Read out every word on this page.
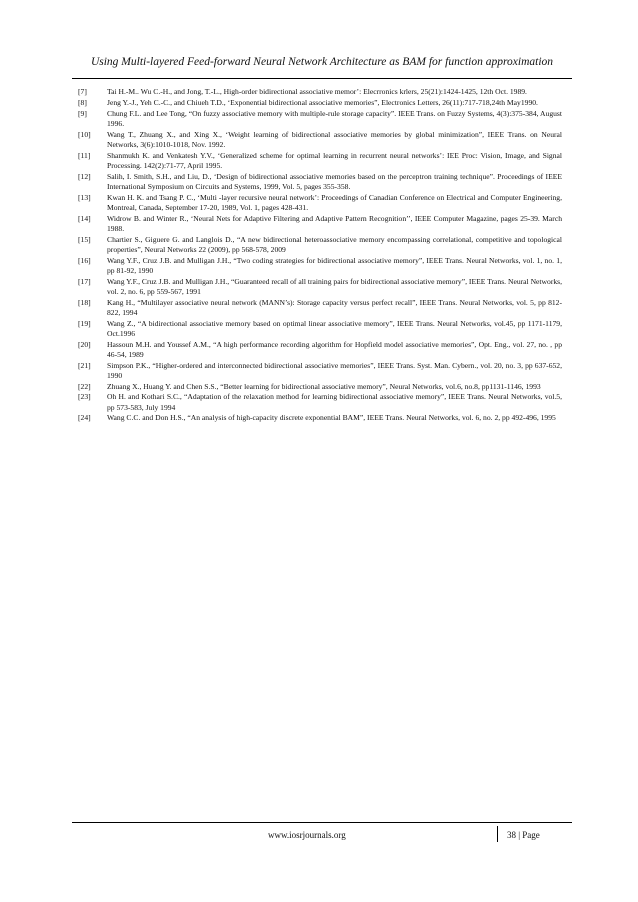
Using Multi-layered Feed-forward Neural Network Architecture as BAM for function approximation
[7]	Tai H.-M.. Wu C.-H., and Jong, T.-L., High-order bidirectional associative memor’: Elecrronics krlers, 25(21):1424-1425, 12th Oct. 1989.
[8]	Jeng Y.-J., Yeh C.-C., and Chiueh T.D., ‘Exponential bidirectional associative memories”, Electronics Letters, 26(11):717-718,24th May1990.
[9]	Chung F.L. and Lee Tong, “On fuzzy associative memory with multiple-rule storage capacity”. IEEE Trans. on Fuzzy Systems, 4(3):375-384, August 1996.
[10]	Wang T., Zhuang X., and Xing X., ‘Weight learning of bidirectional associative memories by global minimization”, IEEE Trans. on Neural Networks, 3(6):1010-1018, Nov. 1992.
[11]	Shanmukh K. and Venkatesh Y.V., ‘Generalized scheme for optimal learning in recurrent neural networks’: IEE Proc: Vision, Image, and Signal Processing. 142(2):71-77, April 1995.
[12]	Salih, I. Smith, S.H., and Liu, D., ‘Design of bidirectional associative memories based on the perceptron training technique”. Proceedings of IEEE International Symposium on Circuits and Systems, 1999, Vol. 5, pages 355-358.
[13]	Kwan H. K. and Tsang P. C., ‘Multi -layer recursive neural network’: Proceedings of Canadian Conference on Electrical and Computer Engineering, Montreal, Canada, September 17-20, 1989, Vol. 1, pages 428-431.
[14]	Widrow B. and Winter R., ‘Neural Nets for Adaptive Filtering and Adaptive Pattern Recognition’’, IEEE Computer Magazine, pages 25-39. March 1988.
[15]	Chartier S., Giguere G. and Langlois D., “A new bidirectional heteroassociative memory encompassing correlational, competitive and topological properties”, Neural Networks 22 (2009), pp 568-578, 2009
[16]	Wang Y.F., Cruz J.B. and Mulligan J.H., “Two coding strategies for bidirectional associative memory”, IEEE Trans. Neural Networks, vol. 1, no. 1, pp 81-92, 1990
[17]	Wang Y.F., Cruz J.B. and Mulligan J.H., “Guaranteed recall of all training pairs for bidirectional associative memory”, IEEE Trans. Neural Networks, vol. 2, no. 6, pp 559-567, 1991
[18]	Kang H., “Multilayer associative neural network (MANN’s): Storage capacity versus perfect recall”, IEEE Trans. Neural Networks, vol. 5, pp 812-822, 1994
[19]	Wang Z., “A bidirectional associative memory based on optimal linear associative memory”, IEEE Trans. Neural Networks, vol.45, pp 1171-1179, Oct.1996
[20]	Hassoun M.H. and Youssef A.M., “A high performance recording algorithm for Hopfield model associative memories”, Opt. Eng., vol. 27, no. , pp 46-54, 1989
[21]	Simpson P.K., “Higher-ordered and interconnected bidirectional associative memories”, IEEE Trans. Syst. Man. Cybern., vol. 20, no. 3, pp 637-652, 1990
[22]	Zhuang X., Huang Y. and Chen S.S., “Better learning for bidirectional associative memory”, Neural Networks, vol.6, no.8, pp1131-1146, 1993
[23]	Oh H. and Kothari S.C., “Adaptation of the relaxation method for learning bidirectional associative memory”, IEEE Trans. Neural Networks, vol.5, pp 573-583, July 1994
[24]	Wang C.C. and Don H.S., “An analysis of high-capacity discrete exponential BAM”, IEEE Trans. Neural Networks, vol. 6, no. 2, pp 492-496, 1995
www.iosrjournals.org	38 | Page
